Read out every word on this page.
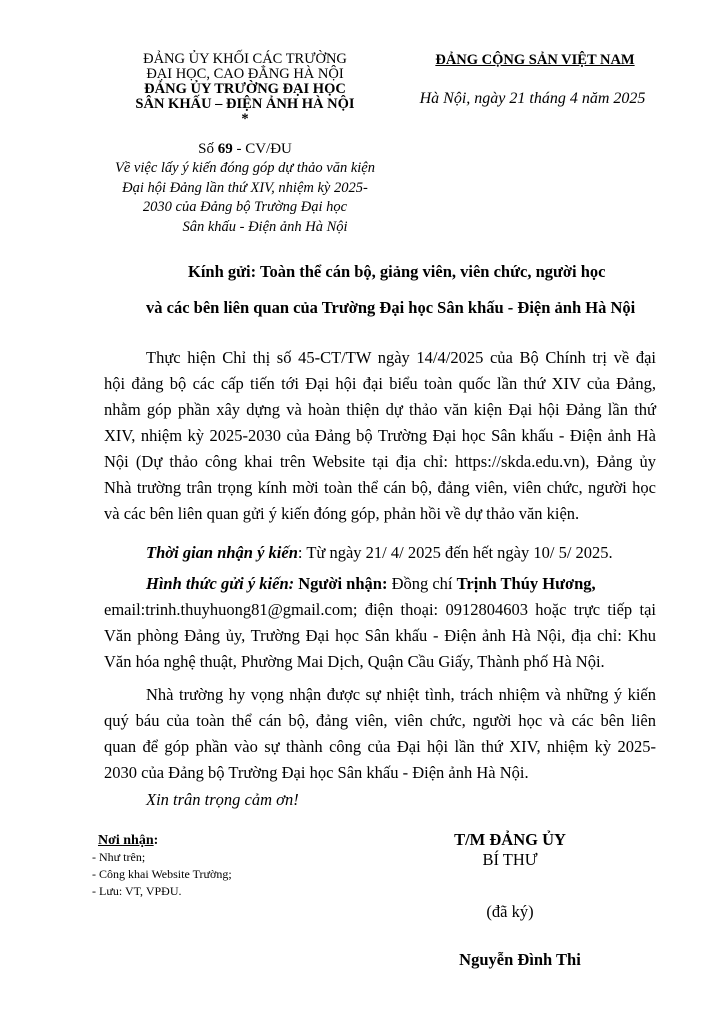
ĐẢNG ỦY KHỐI CÁC TRƯỜNG
ĐẠI HỌC, CAO ĐẲNG HÀ NỘI
ĐẢNG ỦY TRƯỜNG ĐẠI HỌC
SÂN KHẤU – ĐIỆN ẢNH HÀ NỘI
*
ĐẢNG CỘNG SẢN VIỆT NAM
Hà Nội, ngày 21 tháng 4 năm 2025
Số 69 - CV/ĐU
Về việc lấy ý kiến đóng góp dự thảo văn kiện
Đại hội Đảng lần thứ XIV, nhiệm kỳ 2025-
2030 của Đảng bộ Trường Đại học
Sân khấu - Điện ảnh Hà Nội
Kính gửi: Toàn thể cán bộ, giảng viên, viên chức, người học
và các bên liên quan của Trường Đại học Sân khấu - Điện ảnh Hà Nội
Thực hiện Chỉ thị số 45-CT/TW ngày 14/4/2025 của Bộ Chính trị về đại
hội đảng bộ các cấp tiến tới Đại hội đại biểu toàn quốc lần thứ XIV của Đảng,
nhằm góp phần xây dựng và hoàn thiện dự thảo văn kiện Đại hội Đảng lần thứ
XIV, nhiệm kỳ 2025-2030 của Đảng bộ Trường Đại học Sân khấu - Điện ảnh Hà
Nội (Dự thảo công khai trên Website tại địa chỉ: https://skda.edu.vn), Đảng ủy
Nhà trường trân trọng kính mời toàn thể cán bộ, đảng viên, viên chức, người học
và các bên liên quan gửi ý kiến đóng góp, phản hồi về dự thảo văn kiện.
Thời gian nhận ý kiến: Từ ngày 21/ 4/ 2025 đến hết ngày 10/ 5/ 2025.
Hình thức gửi ý kiến: Người nhận: Đồng chí Trịnh Thúy Hương,
email:trinh.thuyhuong81@gmail.com; điện thoại: 0912804603 hoặc trực tiếp tại
Văn phòng Đảng ủy, Trường Đại học Sân khấu - Điện ảnh Hà Nội, địa chỉ: Khu
Văn hóa nghệ thuật, Phường Mai Dịch, Quận Cầu Giấy, Thành phố Hà Nội.
Nhà trường hy vọng nhận được sự nhiệt tình, trách nhiệm và những ý kiến
quý báu của toàn thể cán bộ, đảng viên, viên chức, người học và các bên liên
quan để góp phần vào sự thành công của Đại hội lần thứ XIV, nhiệm kỳ 2025-
2030 của Đảng bộ Trường Đại học Sân khấu - Điện ảnh Hà Nội.
Xin trân trọng cảm ơn!
Nơi nhận:
- Như trên;
- Công khai Website Trường;
- Lưu: VT, VPĐU.
T/M ĐẢNG ỦY
BÍ THƯ
(đã ký)
Nguyễn Đình Thi
